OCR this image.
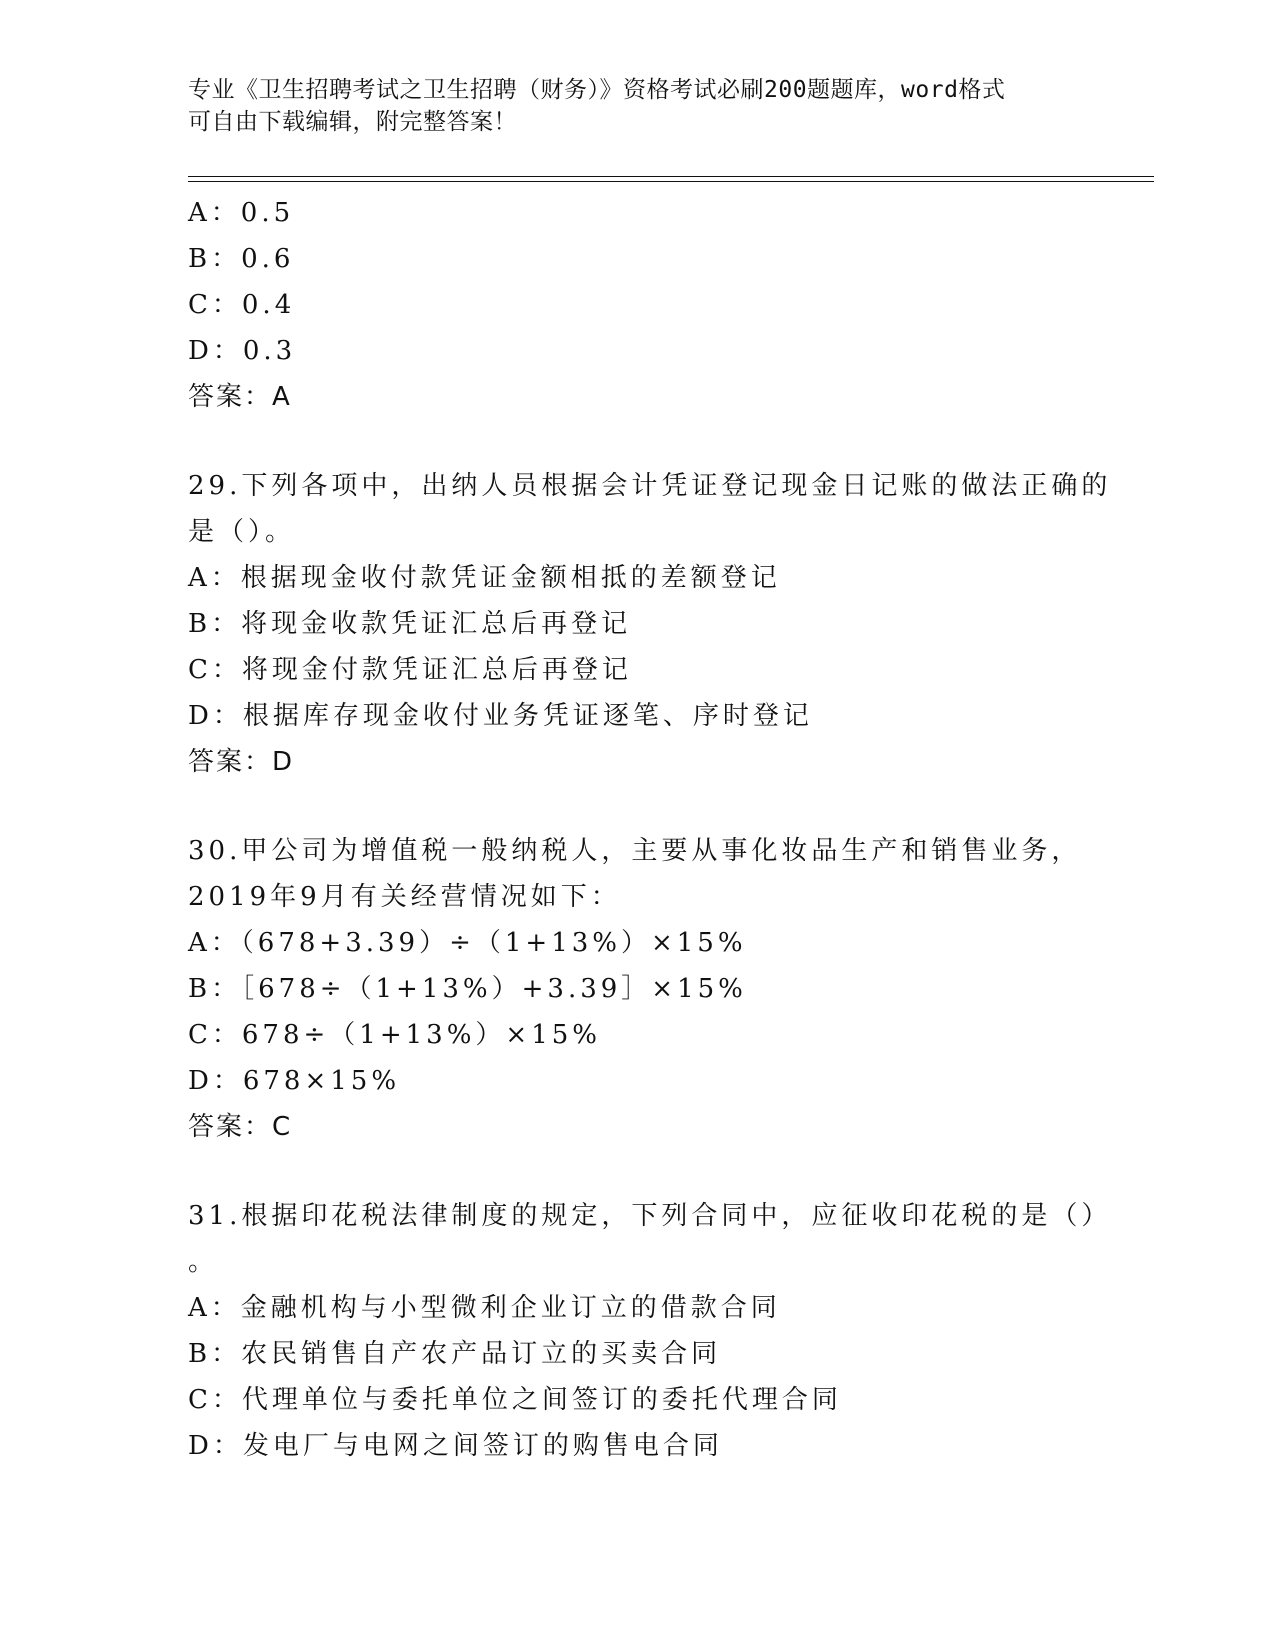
专业《卫生招聘考试之卫生招聘（财务）》资格考试必刷200题题库，word格式
可自由下载编辑，附完整答案！
A：0.5
B：0.6
C：0.4
D：0.3
答案：A
29.下列各项中，出纳人员根据会计凭证登记现金日记账的做法正确的
是（）。
A：根据现金收付款凭证金额相抵的差额登记
B：将现金收款凭证汇总后再登记
C：将现金付款凭证汇总后再登记
D：根据库存现金收付业务凭证逐笔、序时登记
答案：D
30.甲公司为增值税一般纳税人，主要从事化妆品生产和销售业务，
2019年9月有关经营情况如下：
A：（678+3.39）÷（1+13%）×15%
B：［678÷（1+13%）+3.39］×15%
C：678÷（1+13%）×15%
D：678×15%
答案：C
31.根据印花税法律制度的规定，下列合同中，应征收印花税的是（）
。
A：金融机构与小型微利企业订立的借款合同
B：农民销售自产农产品订立的买卖合同
C：代理单位与委托单位之间签订的委托代理合同
D：发电厂与电网之间签订的购售电合同
